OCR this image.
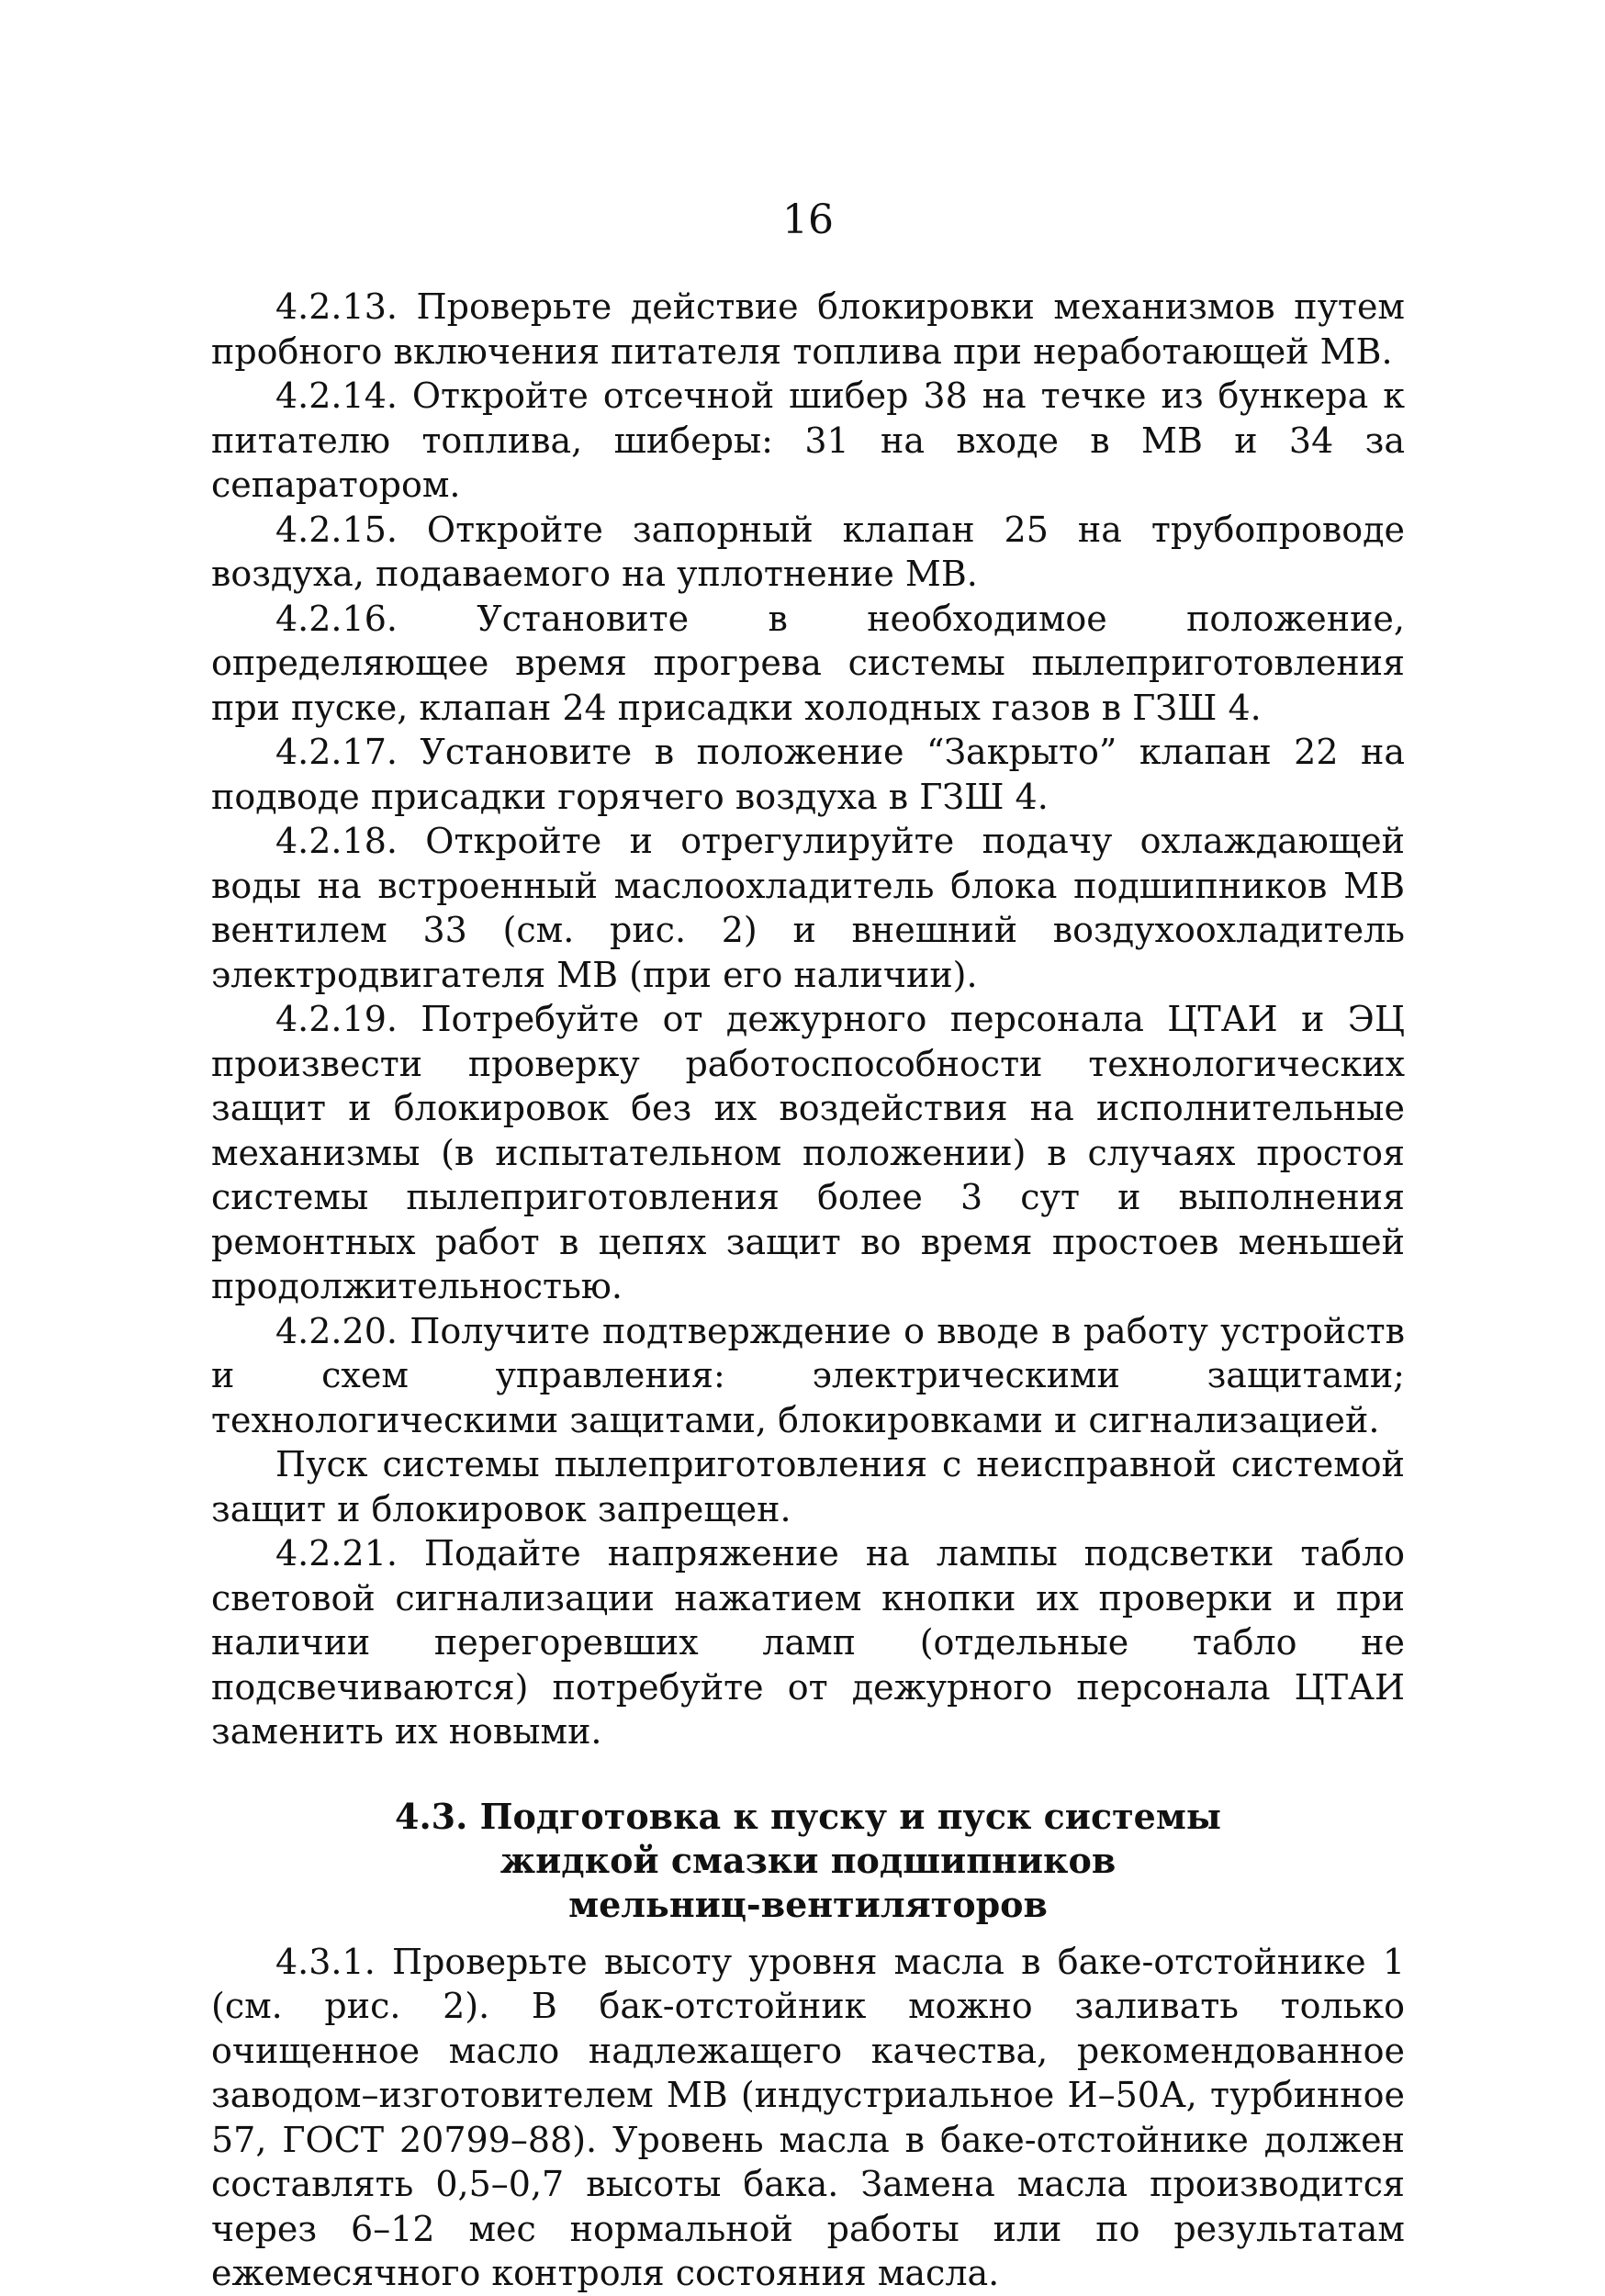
16

4.2.13. Проверьте действие блокировки механизмов путем пробного включения питателя топлива при неработающей МВ.

4.2.14. Откройте отсечной шибер 38 на течке из бункера к питателю топлива, шиберы: 31 на входе в МВ и 34 за сепаратором.

4.2.15. Откройте запорный клапан 25 на трубопроводе воздуха, подаваемого на уплотнение МВ.

4.2.16. Установите в необходимое положение, определяющее время прогрева системы пылеприготовления при пуске, клапан 24 присадки холодных газов в ГЗШ 4.

4.2.17. Установите в положение “Закрыто” клапан 22 на подводе присадки горячего воздуха в ГЗШ 4.

4.2.18. Откройте и отрегулируйте подачу охлаждающей воды на встроенный маслоохладитель блока подшипников МВ вентилем 33 (см. рис. 2) и внешний воздухоохладитель электродвигателя МВ (при его наличии).

4.2.19. Потребуйте от дежурного персонала ЦТАИ и ЭЦ произвести проверку работоспособности технологических защит и блокировок без их воздействия на исполнительные механизмы (в испытательном положении) в случаях простоя системы пылеприготовления более 3 сут и выполнения ремонтных работ в цепях защит во время простоев меньшей продолжительностью.

4.2.20. Получите подтверждение о вводе в работу устройств и схем управления: электрическими защитами; технологическими защитами, блокировками и сигнализацией.

Пуск системы пылеприготовления с неисправной системой защит и блокировок запрещен.

4.2.21. Подайте напряжение на лампы подсветки табло световой сигнализации нажатием кнопки их проверки и при наличии перегоревших ламп (отдельные табло не подсвечиваются) потребуйте от дежурного персонала ЦТАИ заменить их новыми.

4.3. Подготовка к пуску и пуск системы
жидкой смазки подшипников
мельниц-вентиляторов

4.3.1. Проверьте высоту уровня масла в баке-отстойнике 1 (см. рис. 2). В бак-отстойник можно заливать только очищенное масло надлежащего качества, рекомендованное заводом–изготовителем МВ (индустриальное И–50А, турбинное 57, ГОСТ 20799–88). Уровень масла в баке-отстойнике должен составлять 0,5–0,7 высоты бака. Замена масла производится через 6–12 мес нормальной работы или по результатам ежемесячного контроля состояния масла.
